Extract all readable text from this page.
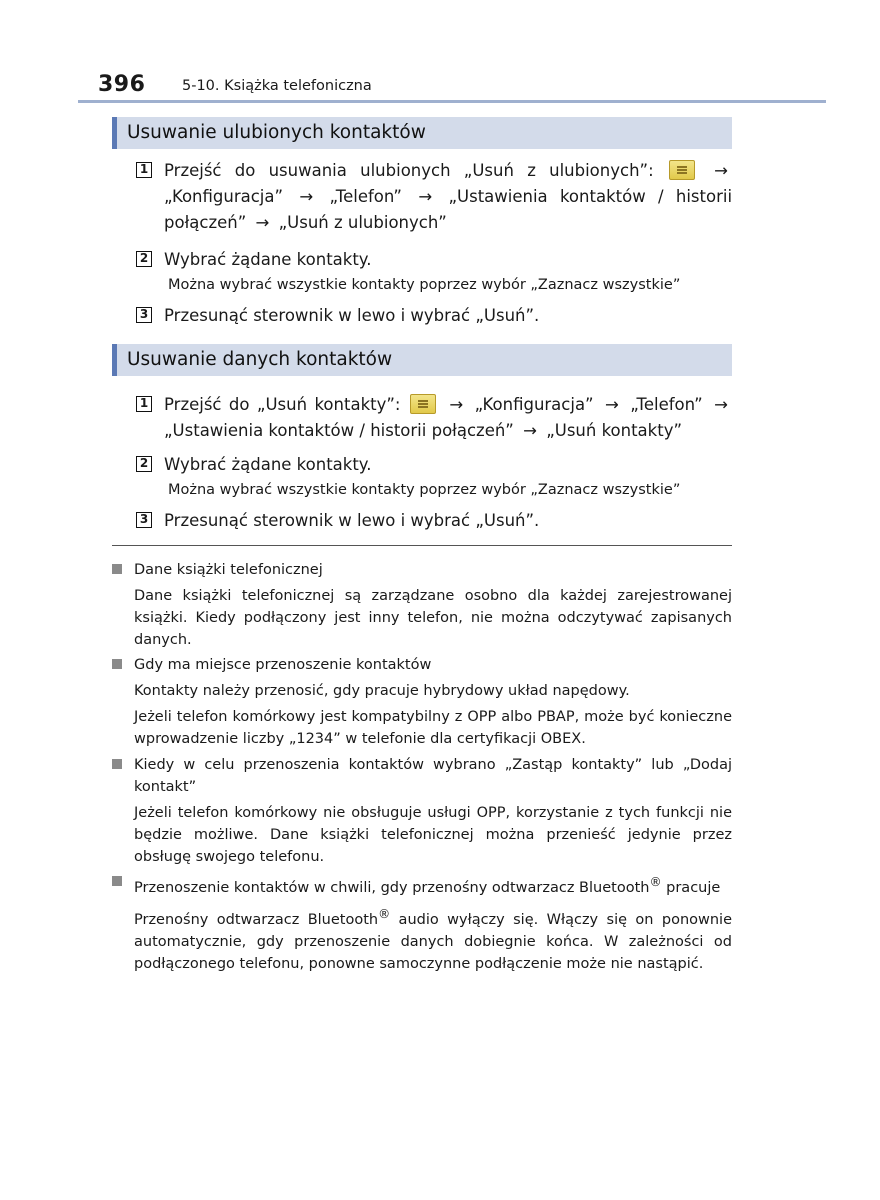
396	5-10. Książka telefoniczna
Usuwanie ulubionych kontaktów
1 Przejść do usuwania ulubionych „Usuń z ulubionych”:	→ „Konfiguracja” → „Telefon” → „Ustawienia kontaktów / historii połączeń” → „Usuń z ulubionych”
2 Wybrać żądane kontakty.
Można wybrać wszystkie kontakty poprzez wybór „Zaznacz wszystkie”
3 Przesunąć sterownik w lewo i wybrać „Usuń”.
Usuwanie danych kontaktów
1 Przejść do „Usuń kontakty”:	→ „Konfiguracja” → „Telefon” → „Ustawienia kontaktów / historii połączeń” → „Usuń kontakty”
2 Wybrać żądane kontakty.
Można wybrać wszystkie kontakty poprzez wybór „Zaznacz wszystkie”
3 Przesunąć sterownik w lewo i wybrać „Usuń”.
Dane książki telefonicznej

Dane książki telefonicznej są zarządzane osobno dla każdej zarejestrowanej książki. Kiedy podłączony jest inny telefon, nie można odczytywać zapisanych danych.

Gdy ma miejsce przenoszenie kontaktów

Kontakty należy przenosić, gdy pracuje hybrydowy układ napędowy.

Jeżeli telefon komórkowy jest kompatybilny z OPP albo PBAP, może być konieczne wprowadzenie liczby „1234” w telefonie dla certyfikacji OBEX.

Kiedy w celu przenoszenia kontaktów wybrano „Zastąp kontakty” lub „Dodaj kontakt”

Jeżeli telefon komórkowy nie obsługuje usługi OPP, korzystanie z tych funkcji nie będzie możliwe. Dane książki telefonicznej można przenieść jedynie przez obsługę swojego telefonu.

Przenoszenie kontaktów w chwili, gdy przenośny odtwarzacz Bluetooth® pracuje

Przenośny odtwarzacz Bluetooth® audio wyłączy się. Włączy się on ponownie automatycznie, gdy przenoszenie danych dobiegnie końca. W zależności od podłączonego telefonu, ponowne samoczynne podłączenie może nie nastąpić.
